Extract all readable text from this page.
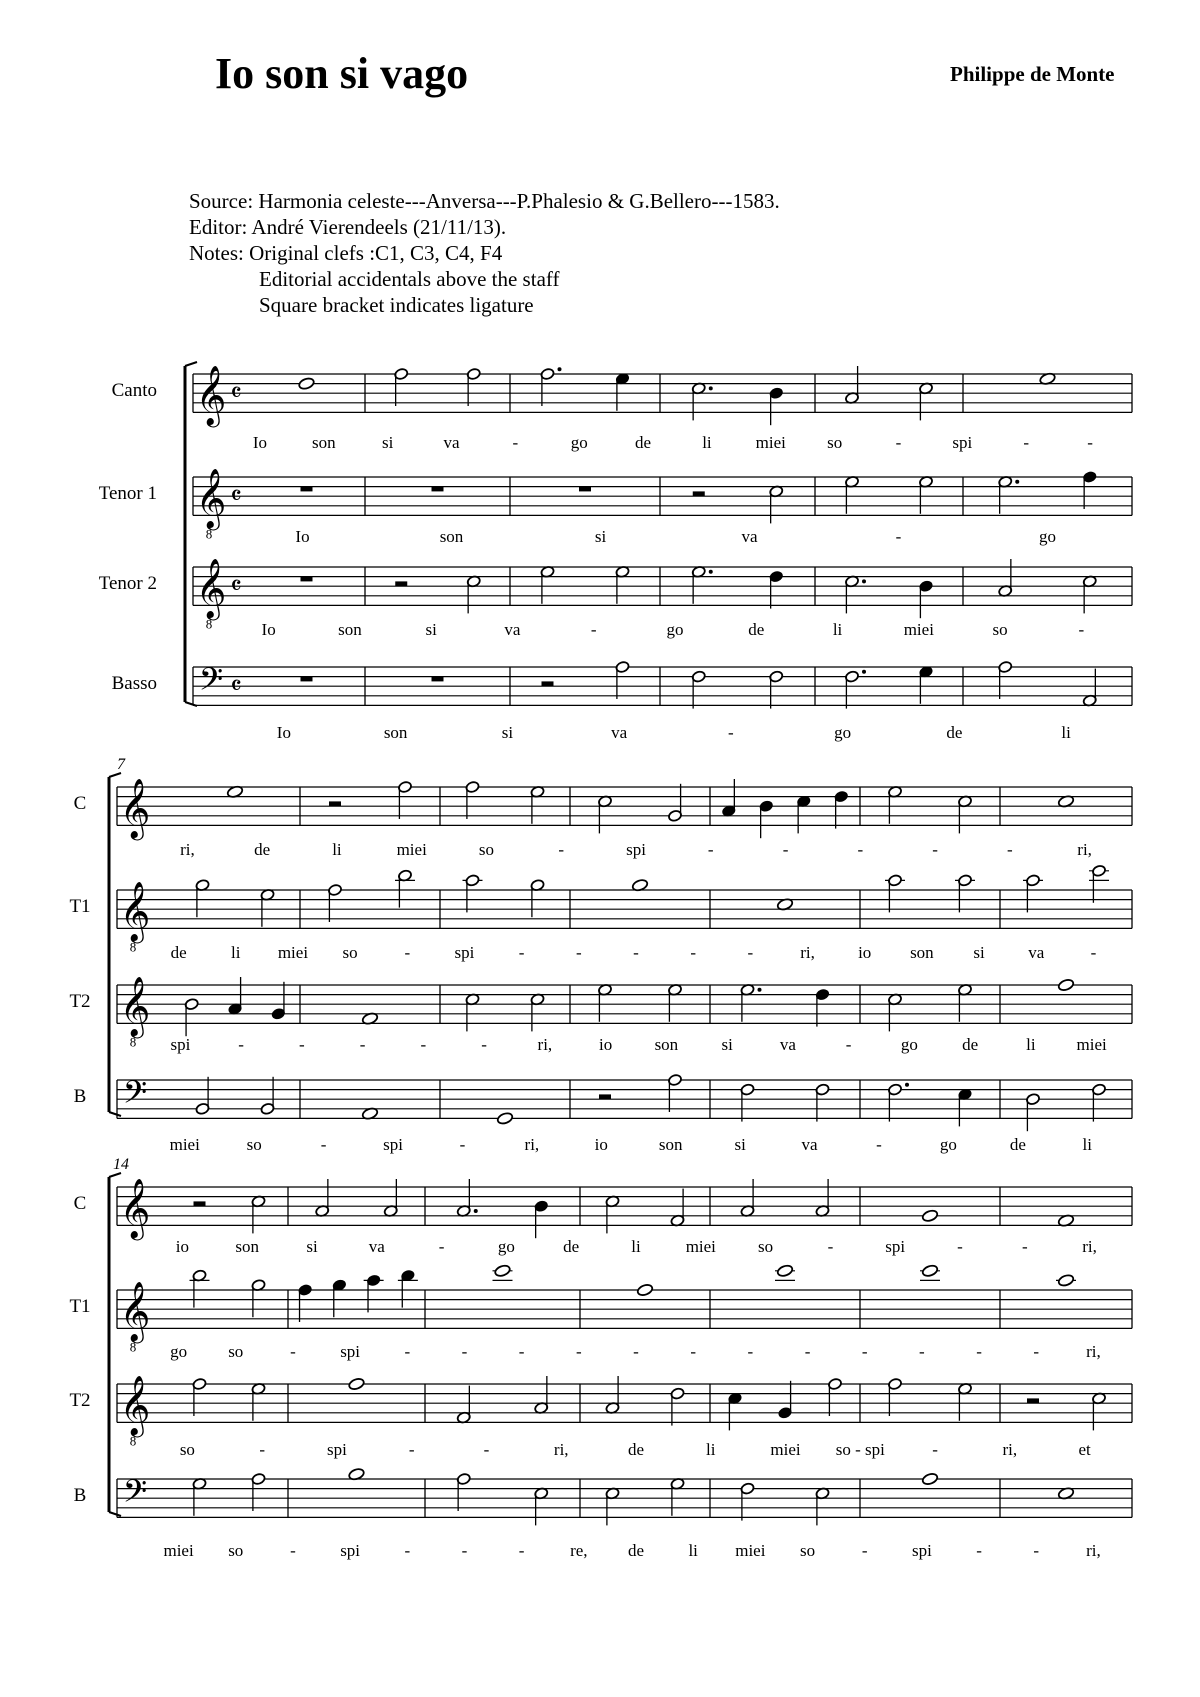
Io son si vago	Philippe de Monte
Source: Harmonia celeste---Anversa---P.Phalesio & G.Bellero---1583.
Editor: André Vierendeels (21/11/13).
Notes: Original clefs :C1, C3, C4, F4
Editorial accidentals above the staff
Square bracket indicates ligature
Canto 𝄞 𝄴
Io	son	si	va	-	go	de	li	miei so	-	spi	-	-
Tenor 1 𝄞
8
𝄴
Io	son	si	va	-	go
Tenor 2 𝄞
8
𝄴
Io	son	si	va	-	go	de	li	miei	so	-
Basso 𝄢 𝄴
Io	son	si	va	-	go	de	li
7
C 𝄞
ri,	de	li	miei	so	-	spi	-	-	-	-	-	ri,
T1 𝄞
8 de	li miei so	-	spi	-	-	-	-	-	ri,	io son si	va	-
T2 𝄞
8 spi	-	-	-	-	-	ri,	io son	si	va	-	go	de	li miei
B 𝄢
miei	so	-	spi	-	ri,	io	son	si	va	-	go	de	li
14
C 𝄞
io	son	si	va	-	go	de	li	miei so	-	spi	-	-	ri,
T1 𝄞
8 go so	-	spi	-	-	-	-	-	-	-	-	-	-	-	-	ri,
T2 𝄞
8	so	-	spi	-	-	ri,	de	li	miei so - spi	-	ri,	et
B 𝄢
miei so	-	spi	-	-	-	re, de	li miei so	-	spi	-	-	ri,
